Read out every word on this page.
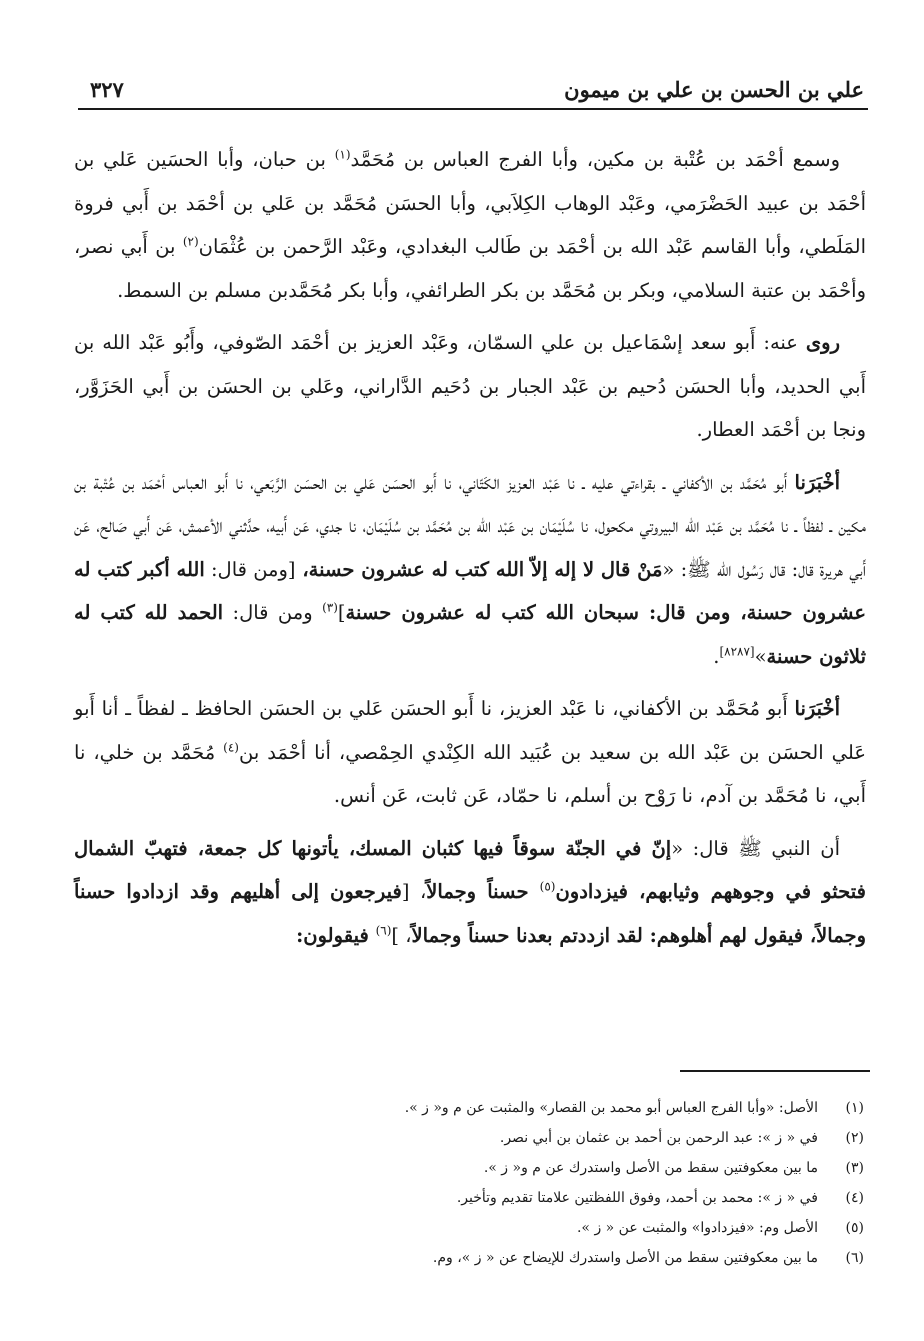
علي بن الحسن بن علي بن ميمون
٣٢٧

وسمع أحْمَد بن عُتْبة بن مكين، وأبا الفرج العباس بن مُحَمَّد$^{(١)}$ بن حبان، وأبا الحسَين عَلي بن أحْمَد بن عبيد الحَضْرَمي، وعَبْد الوهاب الكِلاَبي، وأبا الحسَن مُحَمَّد بن عَلي بن أحْمَد بن أَبي فروة المَلَطي، وأبا القاسم عَبْد الله بن أحْمَد بن طَالب البغدادي، وعَبْد الرَّحمن بن عُثْمَان$^{(٢)}$ بن أَبي نصر، وأحْمَد بن عتبة السلامي، وبكر بن مُحَمَّد بن بكر الطرائفي، وأبا بكر مُحَمَّدبن مسلم بن السمط.

روى عنه: أَبو سعد إسْمَاعيل بن علي السمّان، وعَبْد العزيز بن أحْمَد الصّوفي، وأَبُو عَبْد الله بن أَبي الحديد، وأبا الحسَن دُحيم بن عَبْد الجبار بن دُحَيم الدَّاراني، وعَلي بن الحسَن بن أَبي الحَزَوَّر، ونجا بن أحْمَد العطار.

أخْبَرَنا أَبو مُحَمَّد بن الأكفاني ـ بقراءتي عليه ـ نا عَبْد العزيز الكَتّاني، نا أَبو الحسَن عَلي بن الحسَن الرَّبَعي، نا أَبو العباس أحْمَد بن عُتْبة بن مكين ـ لفظاً ـ نا مُحَمَّد بن عَبْد الله البيروتي مكحول، نا سُلَيْمَان بن عَبْد الله بن مُحَمَّد بن سُلَيْمَان، نا جدي، عَن أَبيه، حدَّثني الأعمش، عَن أَبي صَالح، عَن أَبي هريرة قال: قال رَسُول الله ﷺ: «مَنْ قال لا إله إلاّ الله كتب له عشرون حسنة، [ومن قال: الله أكبر كتب له عشرون حسنة، ومن قال: سبحان الله كتب له عشرون حسنة]$^{(٣)}$ ومن قال: الحمد لله كتب له ثلاثون حسنة»[٨٢٨٧].

أخْبَرَنا أَبو مُحَمَّد بن الأكفاني، نا عَبْد العزيز، نا أَبو الحسَن عَلي بن الحسَن الحافظ ـ لفظاً ـ أنا أَبو عَلي الحسَن بن عَبْد الله بن سعيد بن عُبَيد الله الكِنْدي الحِمْصي، أنا أحْمَد بن$^{(٤)}$ مُحَمَّد بن خلي، نا أَبي، نا مُحَمَّد بن آدم، نا رَوْح بن أسلم، نا حمّاد، عَن ثابت، عَن أنس.

أن النبي ﷺ قال: «إنّ في الجنّة سوقاً فيها كثبان المسك، يأتونها كل جمعة، فتهبّ الشمال فتحثو في وجوههم وثيابهم، فيزدادون$^{(٥)}$ حسناً وجمالاً، [فيرجعون إلى أهليهم وقد ازدادوا حسناً وجمالاً، فيقول لهم أهلوهم: لقد ازددتم بعدنا حسناً وجمالاً، ]$^{(٦)}$ فيقولون:

(١)
الأصل: «وأبا الفرج العباس أبو محمد بن القصار» والمثبت عن م و« ز ».
(٢)
في « ز »: عبد الرحمن بن أحمد بن عثمان بن أبي نصر.
(٣)
ما بين معكوفتين سقط من الأصل واستدرك عن م و« ز ».
(٤)
في « ز »: محمد بن أحمد، وفوق اللفظتين علامتا تقديم وتأخير.
(٥)
الأصل وم: «فيزدادوا» والمثبت عن « ز ».
(٦)
ما بين معكوفتين سقط من الأصل واستدرك للإيضاح عن « ز »، وم.
